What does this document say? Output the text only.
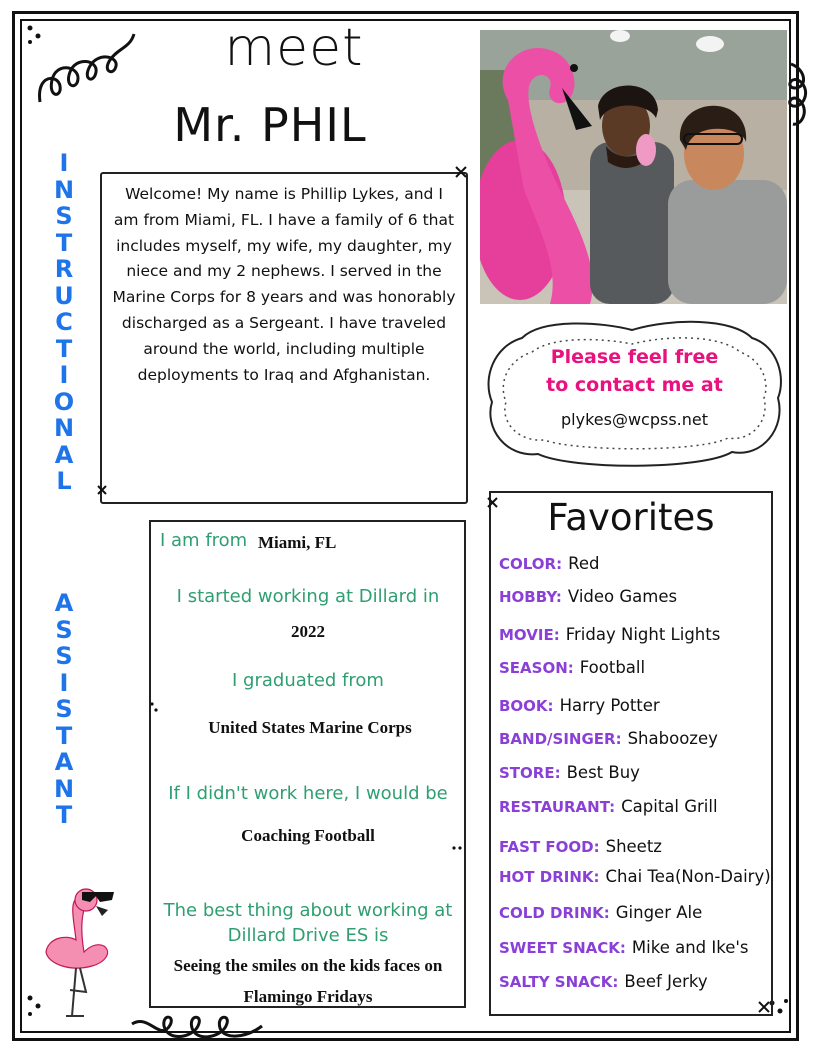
meet
Mr. PHIL
I
N
S
T
R
U
C
T
I
O
N
A
L
A
S
S
I
S
T
A
N
T
Welcome! My name is Phillip Lykes, and I am from Miami, FL. I have a family of 6 that includes myself, my wife, my daughter, my niece and my 2 nephews. I served in the Marine Corps for 8 years and was honorably discharged as a Sergeant. I have traveled around the world, including multiple deployments to Iraq and Afghanistan.
Please feel free
to contact me at
plykes@wcpss.net
I am from Miami, FL
I started working at Dillard in
2022
I graduated from
United States Marine Corps
If I didn't work here, I would be
Coaching Football
The best thing about working at Dillard Drive ES is
Seeing the smiles on the kids faces on Flamingo Fridays
Favorites
COLOR: Red
HOBBY: Video Games
MOVIE: Friday Night Lights
SEASON: Football
BOOK: Harry Potter
BAND/SINGER: Shaboozey
STORE: Best Buy
RESTAURANT: Capital Grill
FAST FOOD: Sheetz
HOT DRINK: Chai Tea(Non-Dairy)
COLD DRINK: Ginger Ale
SWEET SNACK: Mike and Ike's
SALTY SNACK: Beef Jerky
